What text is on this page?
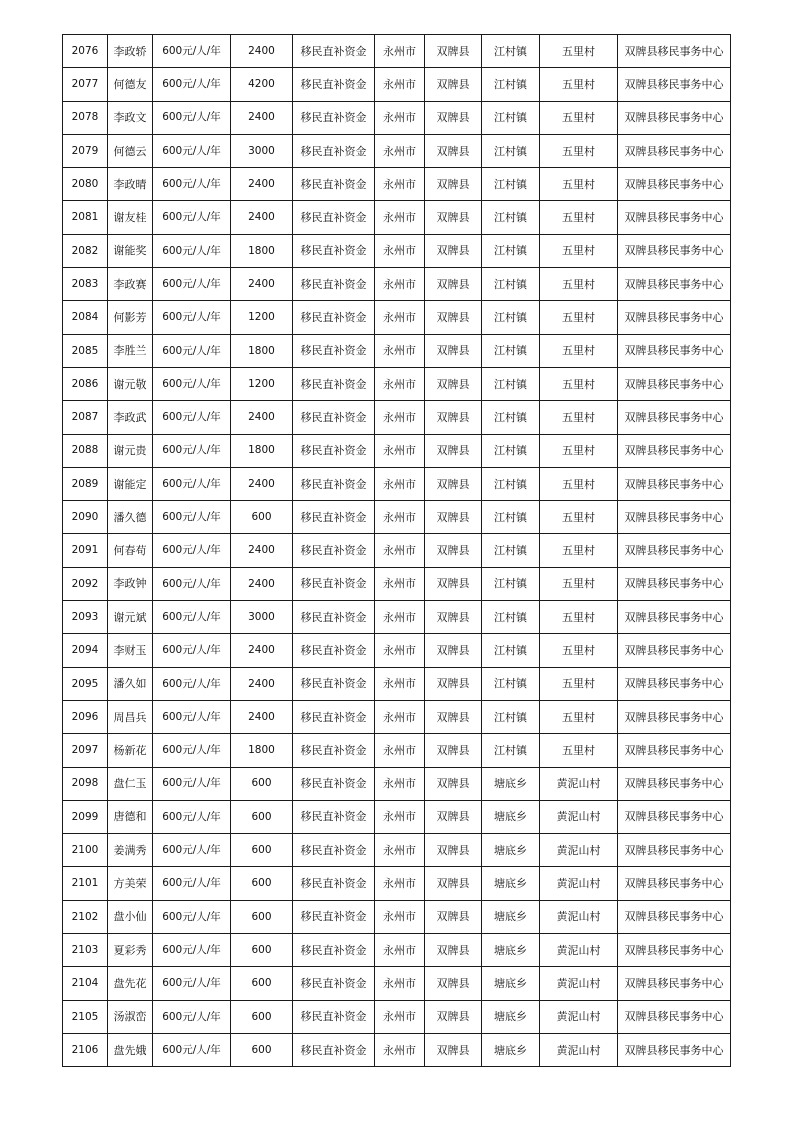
2076	李政轿	600元/人/年	2400	移民直补资金	永州市	双牌县	江村镇	五里村	双牌县移民事务中心
2077	何德友	600元/人/年	4200	移民直补资金	永州市	双牌县	江村镇	五里村	双牌县移民事务中心
2078	李政文	600元/人/年	2400	移民直补资金	永州市	双牌县	江村镇	五里村	双牌县移民事务中心
2079	何德云	600元/人/年	3000	移民直补资金	永州市	双牌县	江村镇	五里村	双牌县移民事务中心
2080	李政晴	600元/人/年	2400	移民直补资金	永州市	双牌县	江村镇	五里村	双牌县移民事务中心
2081	谢友桂	600元/人/年	2400	移民直补资金	永州市	双牌县	江村镇	五里村	双牌县移民事务中心
2082	谢能奖	600元/人/年	1800	移民直补资金	永州市	双牌县	江村镇	五里村	双牌县移民事务中心
2083	李政赛	600元/人/年	2400	移民直补资金	永州市	双牌县	江村镇	五里村	双牌县移民事务中心
2084	何影芳	600元/人/年	1200	移民直补资金	永州市	双牌县	江村镇	五里村	双牌县移民事务中心
2085	李胜兰	600元/人/年	1800	移民直补资金	永州市	双牌县	江村镇	五里村	双牌县移民事务中心
2086	谢元敬	600元/人/年	1200	移民直补资金	永州市	双牌县	江村镇	五里村	双牌县移民事务中心
2087	李政武	600元/人/年	2400	移民直补资金	永州市	双牌县	江村镇	五里村	双牌县移民事务中心
2088	谢元贵	600元/人/年	1800	移民直补资金	永州市	双牌县	江村镇	五里村	双牌县移民事务中心
2089	谢能定	600元/人/年	2400	移民直补资金	永州市	双牌县	江村镇	五里村	双牌县移民事务中心
2090	潘久德	600元/人/年	600	移民直补资金	永州市	双牌县	江村镇	五里村	双牌县移民事务中心
2091	何春苟	600元/人/年	2400	移民直补资金	永州市	双牌县	江村镇	五里村	双牌县移民事务中心
2092	李政钟	600元/人/年	2400	移民直补资金	永州市	双牌县	江村镇	五里村	双牌县移民事务中心
2093	谢元斌	600元/人/年	3000	移民直补资金	永州市	双牌县	江村镇	五里村	双牌县移民事务中心
2094	李财玉	600元/人/年	2400	移民直补资金	永州市	双牌县	江村镇	五里村	双牌县移民事务中心
2095	潘久如	600元/人/年	2400	移民直补资金	永州市	双牌县	江村镇	五里村	双牌县移民事务中心
2096	周昌兵	600元/人/年	2400	移民直补资金	永州市	双牌县	江村镇	五里村	双牌县移民事务中心
2097	杨新花	600元/人/年	1800	移民直补资金	永州市	双牌县	江村镇	五里村	双牌县移民事务中心
2098	盘仁玉	600元/人/年	600	移民直补资金	永州市	双牌县	塘底乡	黄泥山村	双牌县移民事务中心
2099	唐德和	600元/人/年	600	移民直补资金	永州市	双牌县	塘底乡	黄泥山村	双牌县移民事务中心
2100	姜满秀	600元/人/年	600	移民直补资金	永州市	双牌县	塘底乡	黄泥山村	双牌县移民事务中心
2101	方美荣	600元/人/年	600	移民直补资金	永州市	双牌县	塘底乡	黄泥山村	双牌县移民事务中心
2102	盘小仙	600元/人/年	600	移民直补资金	永州市	双牌县	塘底乡	黄泥山村	双牌县移民事务中心
2103	夏彩秀	600元/人/年	600	移民直补资金	永州市	双牌县	塘底乡	黄泥山村	双牌县移民事务中心
2104	盘先花	600元/人/年	600	移民直补资金	永州市	双牌县	塘底乡	黄泥山村	双牌县移民事务中心
2105	汤淑峦	600元/人/年	600	移民直补资金	永州市	双牌县	塘底乡	黄泥山村	双牌县移民事务中心
2106	盘先娥	600元/人/年	600	移民直补资金	永州市	双牌县	塘底乡	黄泥山村	双牌县移民事务中心
